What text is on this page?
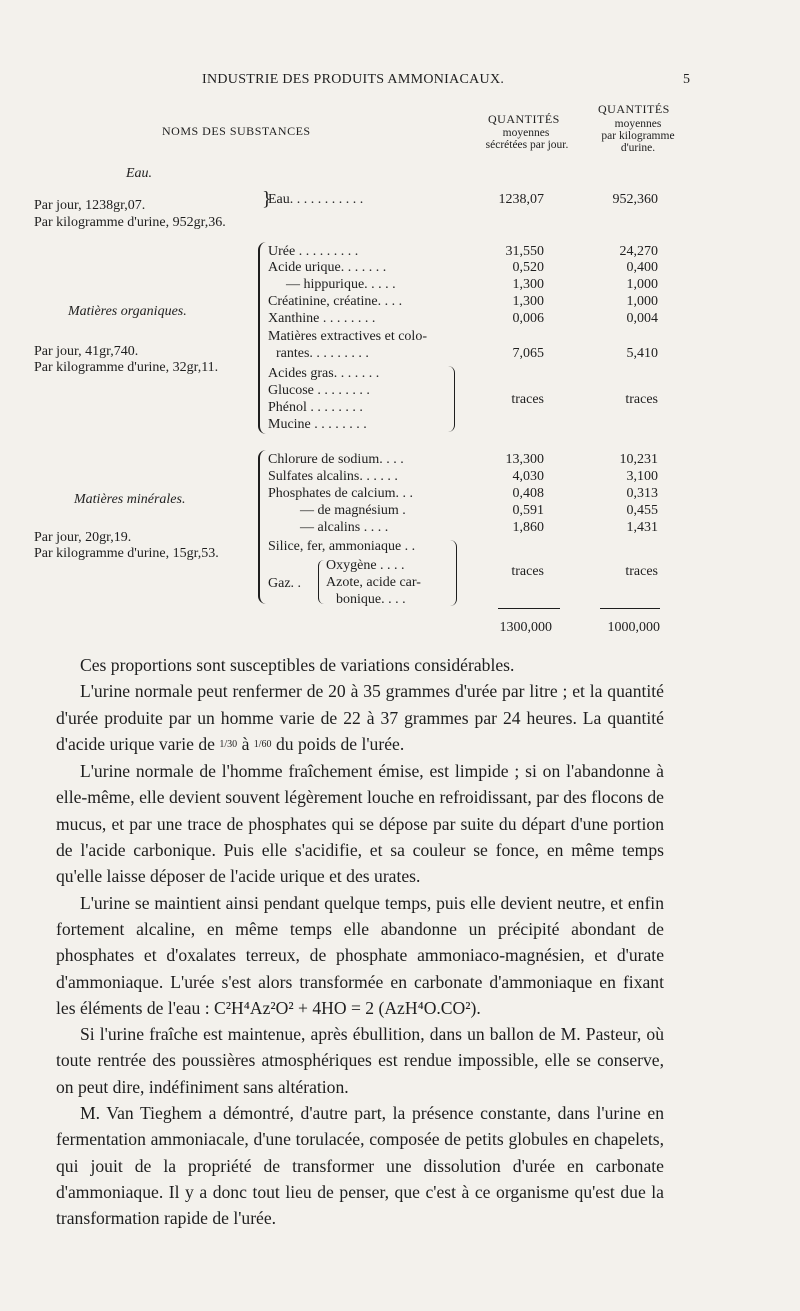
INDUSTRIE DES PRODUITS AMMONIACAUX.	5
NOMS DES SUBSTANCES
QUANTITÉS
moyennes
sécrétées par jour.
QUANTITÉS
moyennes
par kilogramme
d'urine.
Eau.
Par jour, 1238gr,07.
Par kilogramme d'urine, 952gr,36.
}
Eau. . . . . . . . . . .	1238,07	952,360
Matières organiques.
Par jour, 41gr,740.
Par kilogramme d'urine, 32gr,11.
Urée . . . . . . . . .	31,550	24,270
Acide urique. . . . . . .	0,520	0,400
— hippurique. . . . .	1,300	1,000
Créatinine, créatine. . . .	1,300	1,000
Xanthine . . . . . . . .	0,006	0,004
Matières extractives et colo-
rantes. . . . . . . . .	7,065	5,410
Acides gras. . . . . . .
Glucose . . . . . . . .
Phénol . . . . . . . .
Mucine . . . . . . . .
traces	traces
Matières minérales.
Par jour, 20gr,19.
Par kilogramme d'urine, 15gr,53.
Chlorure de sodium. . . .	13,300	10,231
Sulfates alcalins. . . . . .	4,030	3,100
Phosphates de calcium. . .	0,408	0,313
— de magnésium .	0,591	0,455
— alcalins . . . .	1,860	1,431
Silice, fer, ammoniaque . .
Gaz. .
Oxygène . . . .
Azote, acide car-
bonique. . . .
traces	traces
1300,000	1000,000

Ces proportions sont susceptibles de variations considérables.

L'urine normale peut renfermer de 20 à 35 grammes d'urée par litre ; et la quantité d'urée produite par un homme varie de 22 à 37 grammes par 24 heures. La quantité d'acide urique varie de 1/30 à 1/60 du poids de l'urée.

L'urine normale de l'homme fraîchement émise, est limpide ; si on l'abandonne à elle-même, elle devient souvent légèrement louche en refroidissant, par des flocons de mucus, et par une trace de phosphates qui se dépose par suite du départ d'une portion de l'acide carbonique. Puis elle s'acidifie, et sa couleur se fonce, en même temps qu'elle laisse déposer de l'acide urique et des urates.

L'urine se maintient ainsi pendant quelque temps, puis elle devient neutre, et enfin fortement alcaline, en même temps elle abandonne un précipité abondant de phosphates et d'oxalates terreux, de phosphate ammoniaco-magnésien, et d'urate d'ammoniaque. L'urée s'est alors transformée en carbonate d'ammoniaque en fixant les éléments de l'eau : C²H⁴Az²O² + 4HO = 2 (AzH⁴O.CO²).

Si l'urine fraîche est maintenue, après ébullition, dans un ballon de M. Pasteur, où toute rentrée des poussières atmosphériques est rendue impossible, elle se conserve, on peut dire, indéfiniment sans altération.

M. Van Tieghem a démontré, d'autre part, la présence constante, dans l'urine en fermentation ammoniacale, d'une torulacée, composée de petits globules en chapelets, qui jouit de la propriété de transformer une dissolution d'urée en carbonate d'ammoniaque. Il y a donc tout lieu de penser, que c'est à ce organisme qu'est due la transformation rapide de l'urée.
